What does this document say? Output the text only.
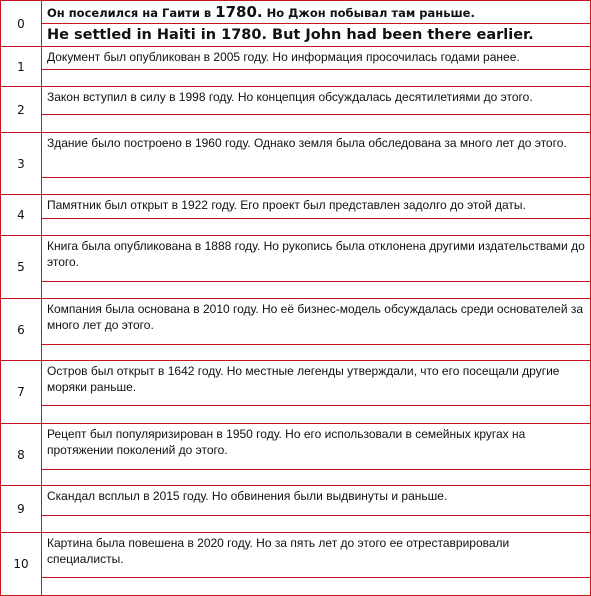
0	Он поселился на Гаити в 1780. Но Джон побывал там раньше.
	He settled in Haiti in 1780. But John had been there earlier.
1	Документ был опубликован в 2005 году. Но информация просочилась годами ранее.

2	Закон вступил в силу в 1998 году. Но концепция обсуждалась десятилетиями до этого.

3	Здание было построено в 1960 году. Однако земля была обследована за много лет до этого.

4	Памятник был открыт в 1922 году. Его проект был представлен задолго до этой даты.

5	Книга была опубликована в 1888 году. Но рукопись была отклонена другими издательствами до этого.

6	Компания была основана в 2010 году. Но её бизнес-модель обсуждалась среди основателей за много лет до этого.

7	Остров был открыт в 1642 году. Но местные легенды утверждали, что его посещали другие моряки раньше.

8	Рецепт был популяризирован в 1950 году. Но его использовали в семейных кругах на протяжении поколений до этого.

9	Скандал всплыл в 2015 году. Но обвинения были выдвинуты и раньше.

10	Картина была повешена в 2020 году. Но за пять лет до этого ее отреставрировали специалисты.
